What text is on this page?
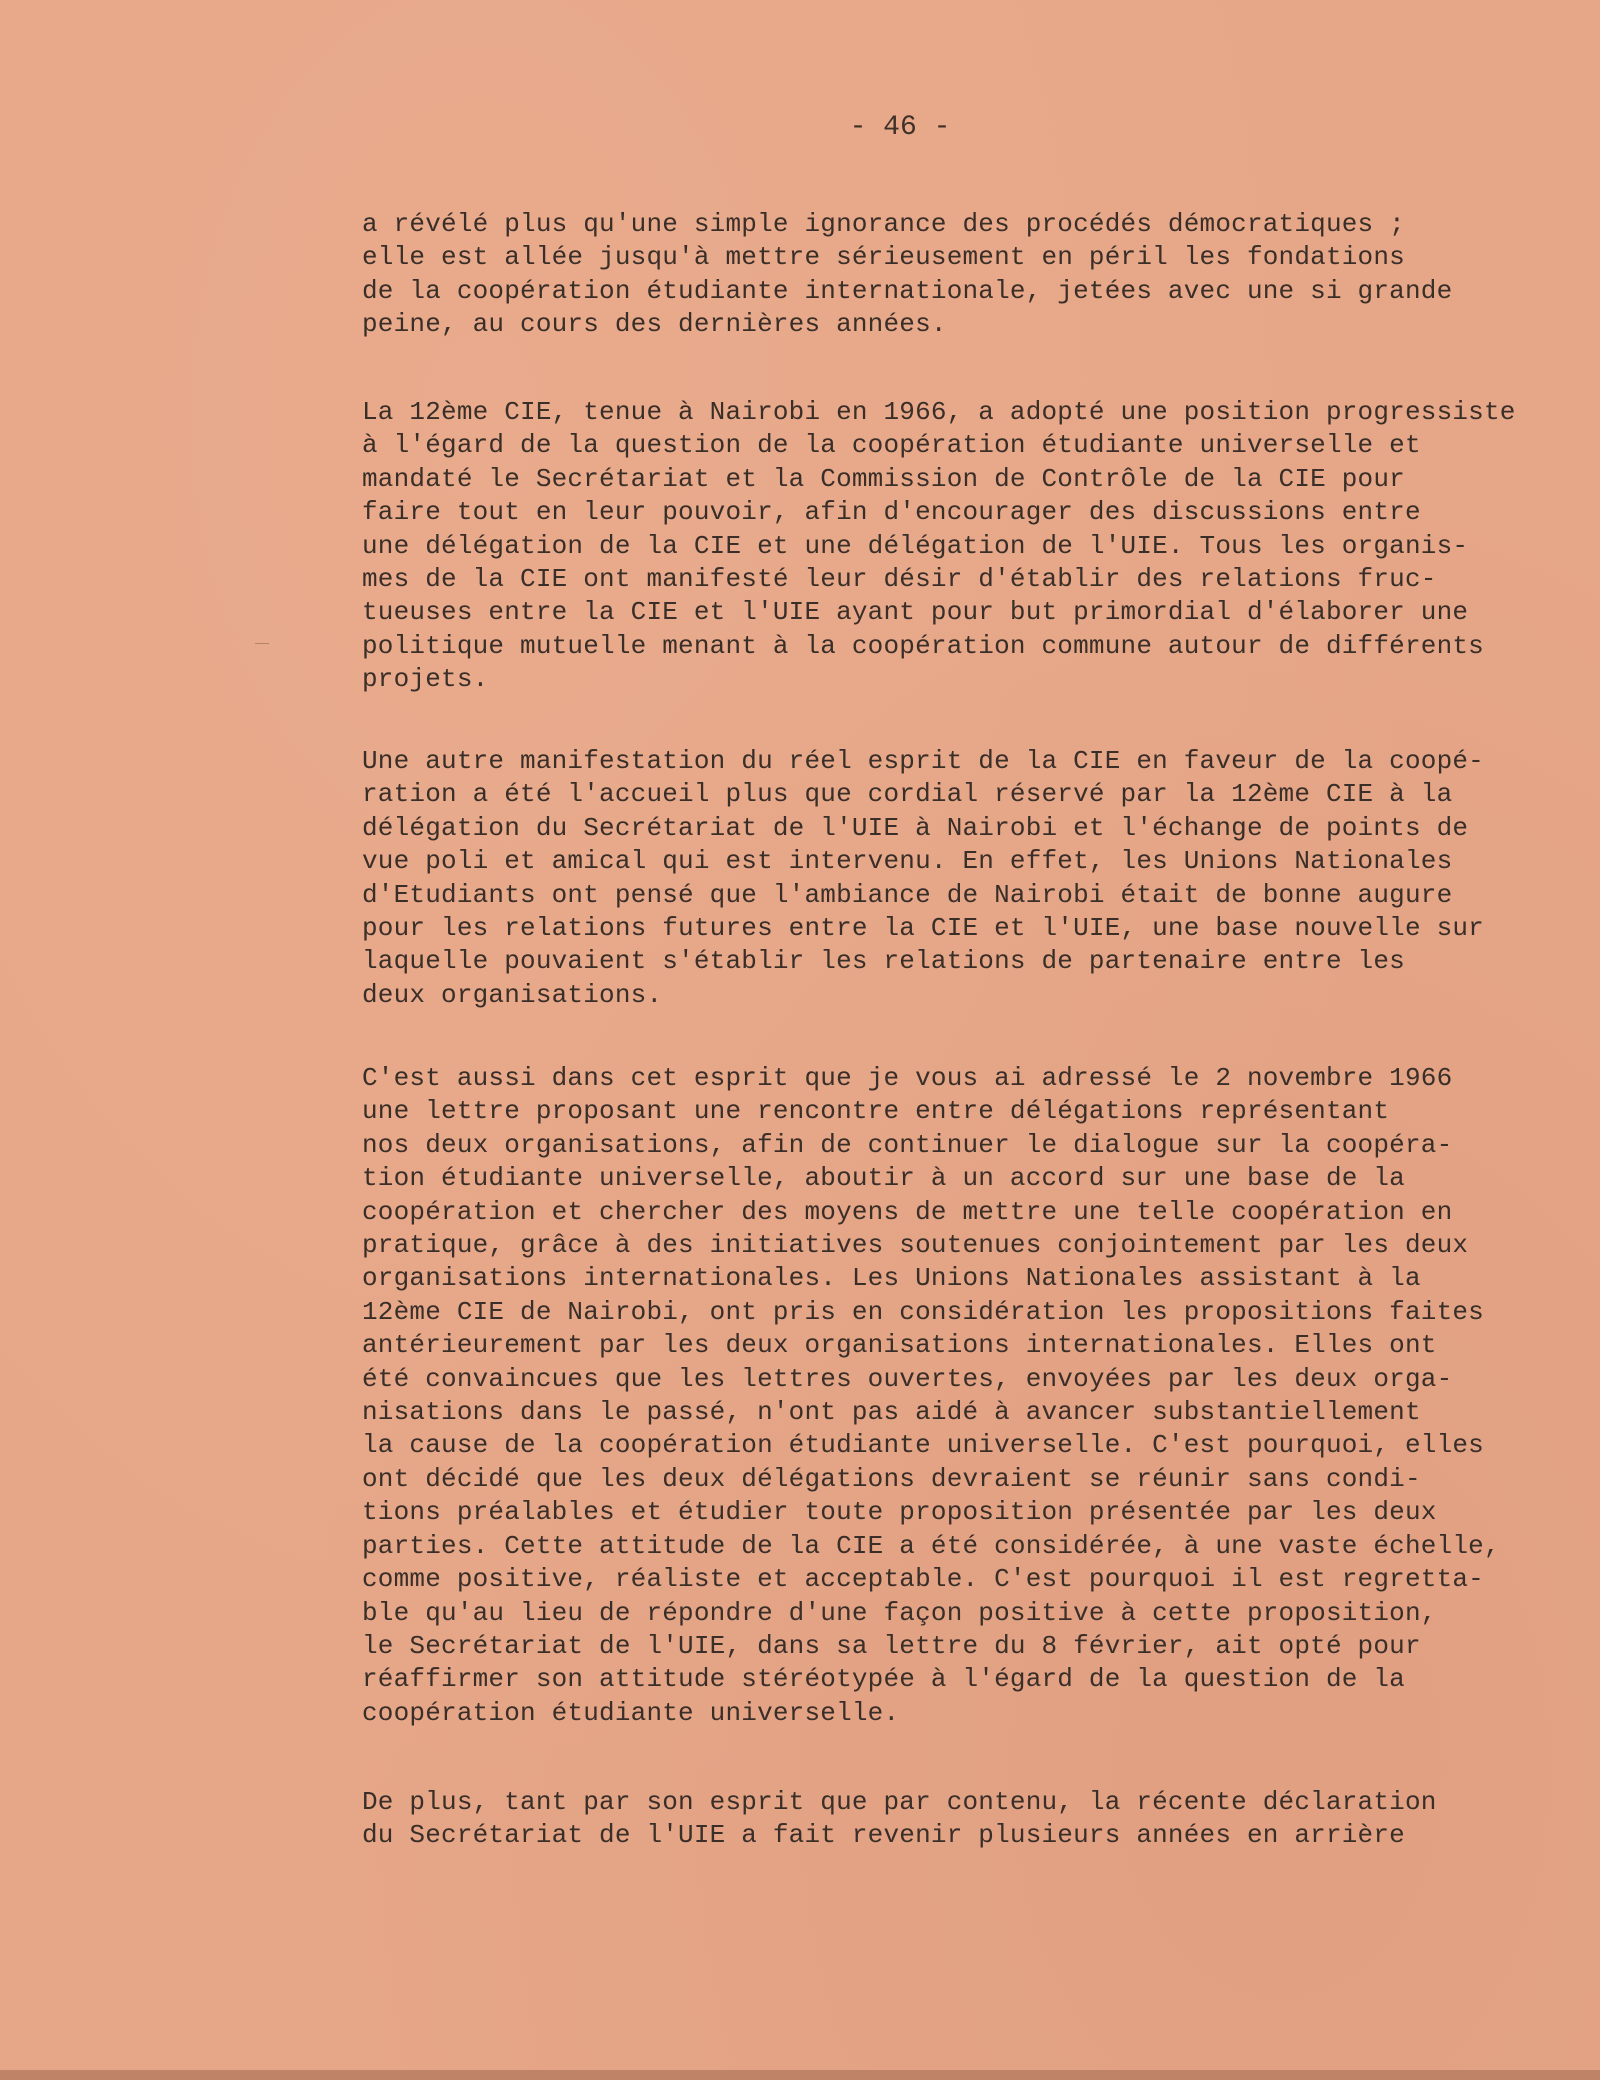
- 46 -
a révélé plus qu'une simple ignorance des procédés démocratiques ;
elle est allée jusqu'à mettre sérieusement en péril les fondations
de la coopération étudiante internationale, jetées avec une si grande
peine, au cours des dernières années.
La 12ème CIE, tenue à Nairobi en 1966, a adopté une position progressiste
à l'égard de la question de la coopération étudiante universelle et
mandaté le Secrétariat et la Commission de Contrôle de la CIE pour
faire tout en leur pouvoir, afin d'encourager des discussions entre
une délégation de la CIE et une délégation de l'UIE. Tous les organis-
mes de la CIE ont manifesté leur désir d'établir des relations fruc-
tueuses entre la CIE et l'UIE ayant pour but primordial d'élaborer une
politique mutuelle menant à la coopération commune autour de différents
projets.
Une autre manifestation du réel esprit de la CIE en faveur de la coopé-
ration a été l'accueil plus que cordial réservé par la 12ème CIE à la
délégation du Secrétariat de l'UIE à Nairobi et l'échange de points de
vue poli et amical qui est intervenu. En effet, les Unions Nationales
d'Etudiants ont pensé que l'ambiance de Nairobi était de bonne augure
pour les relations futures entre la CIE et l'UIE, une base nouvelle sur
laquelle pouvaient s'établir les relations de partenaire entre les
deux organisations.
C'est aussi dans cet esprit que je vous ai adressé le 2 novembre 1966
une lettre proposant une rencontre entre délégations représentant
nos deux organisations, afin de continuer le dialogue sur la coopéra-
tion étudiante universelle, aboutir à un accord sur une base de la
coopération et chercher des moyens de mettre une telle coopération en
pratique, grâce à des initiatives soutenues conjointement par les deux
organisations internationales. Les Unions Nationales assistant à la
12ème CIE de Nairobi, ont pris en considération les propositions faites
antérieurement par les deux organisations internationales. Elles ont
été convaincues que les lettres ouvertes, envoyées par les deux orga-
nisations dans le passé, n'ont pas aidé à avancer substantiellement
la cause de la coopération étudiante universelle. C'est pourquoi, elles
ont décidé que les deux délégations devraient se réunir sans condi-
tions préalables et étudier toute proposition présentée par les deux
parties. Cette attitude de la CIE a été considérée, à une vaste échelle,
comme positive, réaliste et acceptable. C'est pourquoi il est regretta-
ble qu'au lieu de répondre d'une façon positive à cette proposition,
le Secrétariat de l'UIE, dans sa lettre du 8 février, ait opté pour
réaffirmer son attitude stéréotypée à l'égard de la question de la
coopération étudiante universelle.
De plus, tant par son esprit que par contenu, la récente déclaration
du Secrétariat de l'UIE a fait revenir plusieurs années en arrière
